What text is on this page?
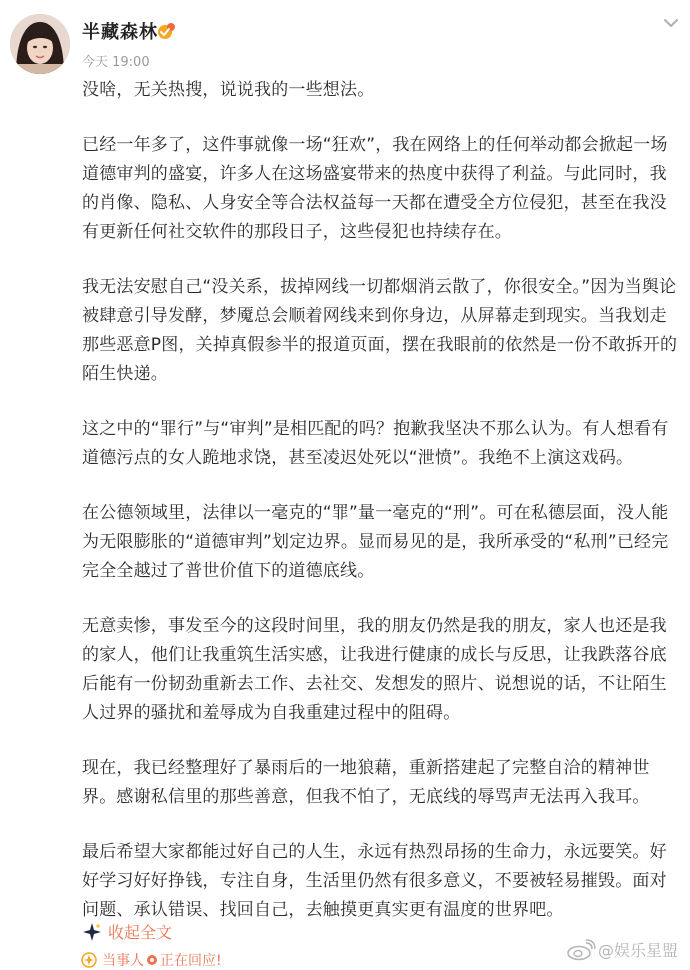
半藏森林
今天 19:00

没啥，无关热搜，说说我的一些想法。

已经一年多了，这件事就像一场“狂欢”，我在网络上的任何举动都会掀起一场道德审判的盛宴，许多人在这场盛宴带来的热度中获得了利益。与此同时，我的肖像、隐私、人身安全等合法权益每一天都在遭受全方位侵犯，甚至在我没有更新任何社交软件的那段日子，这些侵犯也持续存在。

我无法安慰自己“没关系，拔掉网线一切都烟消云散了，你很安全。”因为当舆论被肆意引导发酵，梦魇总会顺着网线来到你身边，从屏幕走到现实。当我划走那些恶意P图，关掉真假参半的报道页面，摆在我眼前的依然是一份不敢拆开的陌生快递。

这之中的“罪行”与“审判”是相匹配的吗？抱歉我坚决不那么认为。有人想看有道德污点的女人跪地求饶，甚至凌迟处死以“泄愤”。我绝不上演这戏码。

在公德领域里，法律以一毫克的“罪”量一毫克的“刑”。可在私德层面，没人能为无限膨胀的“道德审判”划定边界。显而易见的是，我所承受的“私刑”已经完完全全越过了普世价值下的道德底线。

无意卖惨，事发至今的这段时间里，我的朋友仍然是我的朋友，家人也还是我的家人，他们让我重筑生活实感，让我进行健康的成长与反思，让我跌落谷底后能有一份韧劲重新去工作、去社交、发想发的照片、说想说的话，不让陌生人过界的骚扰和羞辱成为自我重建过程中的阻碍。

现在，我已经整理好了暴雨后的一地狼藉，重新搭建起了完整自洽的精神世界。感谢私信里的那些善意，但我不怕了，无底线的辱骂声无法再入我耳。

最后希望大家都能过好自己的人生，永远有热烈昂扬的生命力，永远要笑。好好学习好好挣钱，专注自身，生活里仍然有很多意义，不要被轻易摧毁。面对问题、承认错误、找回自己，去触摸更真实更有温度的世界吧。

收起全文
当事人 正在回应!
@娱乐星盟
